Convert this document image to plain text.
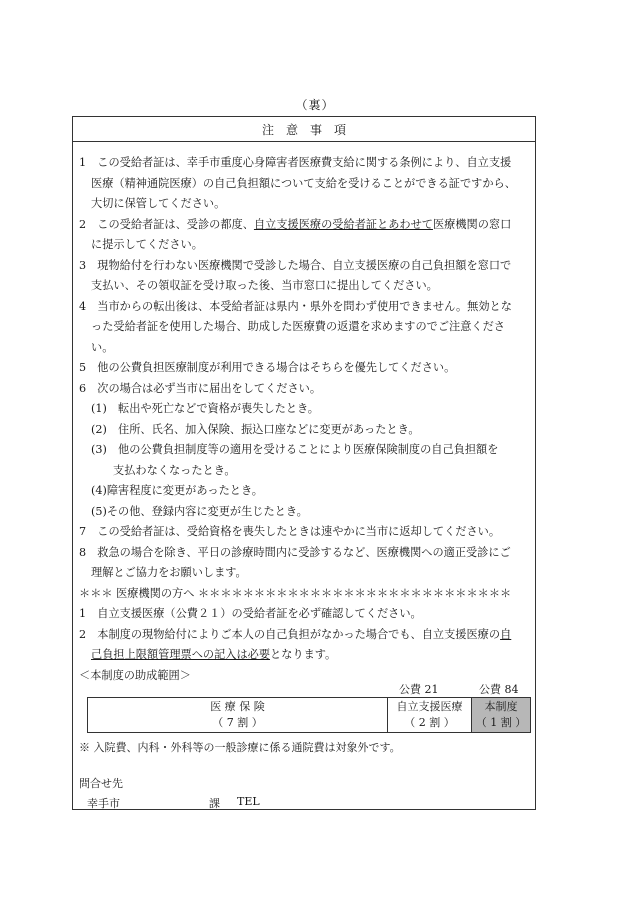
（裏）
注　意　事　項
1　この受給者証は、幸手市重度心身障害者医療費支給に関する条例により、自立支援
医療（精神通院医療）の自己負担額について支給を受けることができる証ですから、
大切に保管してください。
2　この受給者証は、受診の都度、自立支援医療の受給者証とあわせて医療機関の窓口
に提示してください。
3　現物給付を行わない医療機関で受診した場合、自立支援医療の自己負担額を窓口で
支払い、その領収証を受け取った後、当市窓口に提出してください。
4　当市からの転出後は、本受給者証は県内・県外を問わず使用できません。無効とな
った受給者証を使用した場合、助成した医療費の返還を求めますのでご注意くださ
い。
5　他の公費負担医療制度が利用できる場合はそちらを優先してください。
6　次の場合は必ず当市に届出をしてください。
(1)　転出や死亡などで資格が喪失したとき。
(2)　住所、氏名、加入保険、振込口座などに変更があったとき。
(3)　他の公費負担制度等の適用を受けることにより医療保険制度の自己負担額を
支払わなくなったとき。
(4)障害程度に変更があったとき。
(5)その他、登録内容に変更が生じたとき。
7　この受給者証は、受給資格を喪失したときは速やかに当市に返却してください。
8　救急の場合を除き、平日の診療時間内に受診するなど、医療機関への適正受診にご
理解とご協力をお願いします。
＊＊＊ 医療機関の方へ ＊＊＊＊＊＊＊＊＊＊＊＊＊＊＊＊＊＊＊＊＊＊＊＊＊＊＊＊
1　自立支援医療（公費２１）の受給者証を必ず確認してください。
2　本制度の現物給付によりご本人の自己負担がなかった場合でも、自立支援医療の自
己負担上限額管理票への記入は必要となります。
＜本制度の助成範囲＞
公費 21	公費 84
医 療 保 険
（ 7 割 ）
自立支援医療
（ 2 割 ）
本制度
（ 1 割 ）
※ 入院費、内科・外科等の一般診療に係る通院費は対象外です。
問合せ先
幸手市	課 TEL
